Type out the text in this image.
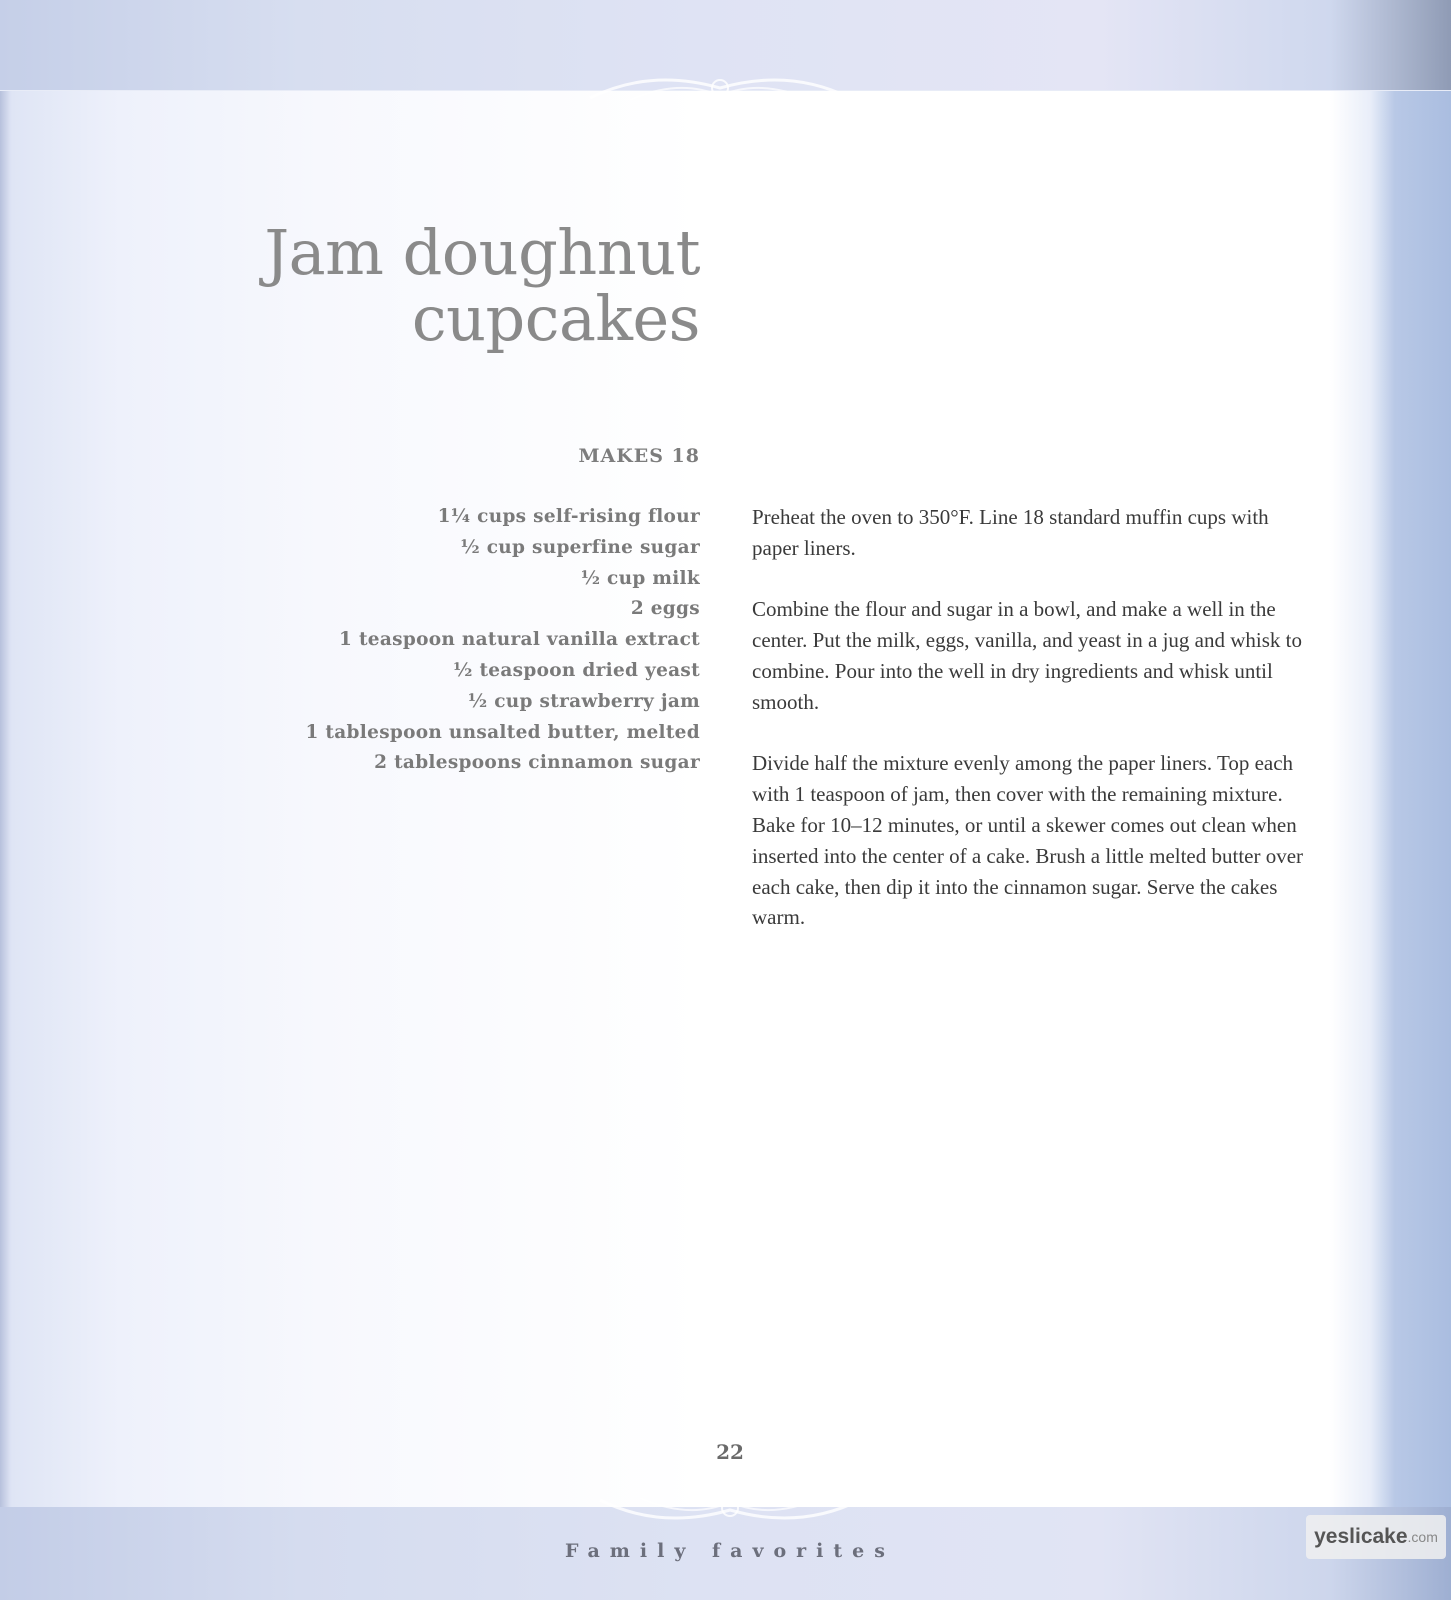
Jam doughnut
cupcakes
MAKES 18
1¼ cups self-rising flour
½ cup superfine sugar
½ cup milk
2 eggs
1 teaspoon natural vanilla extract
½ teaspoon dried yeast
½ cup strawberry jam
1 tablespoon unsalted butter, melted
2 tablespoons cinnamon sugar

Preheat the oven to 350°F. Line 18 standard muffin cups with paper liners.

Combine the flour and sugar in a bowl, and make a well in the center. Put the milk, eggs, vanilla, and yeast in a jug and whisk to combine. Pour into the well in dry ingredients and whisk until smooth.

Divide half the mixture evenly among the paper liners. Top each with 1 teaspoon of jam, then cover with the remaining mixture. Bake for 10–12 minutes, or until a skewer comes out clean when inserted into the center of a cake. Brush a little melted butter over each cake, then dip it into the cinnamon sugar. Serve the cakes warm.

22
Family favorites
yesli cake .com
